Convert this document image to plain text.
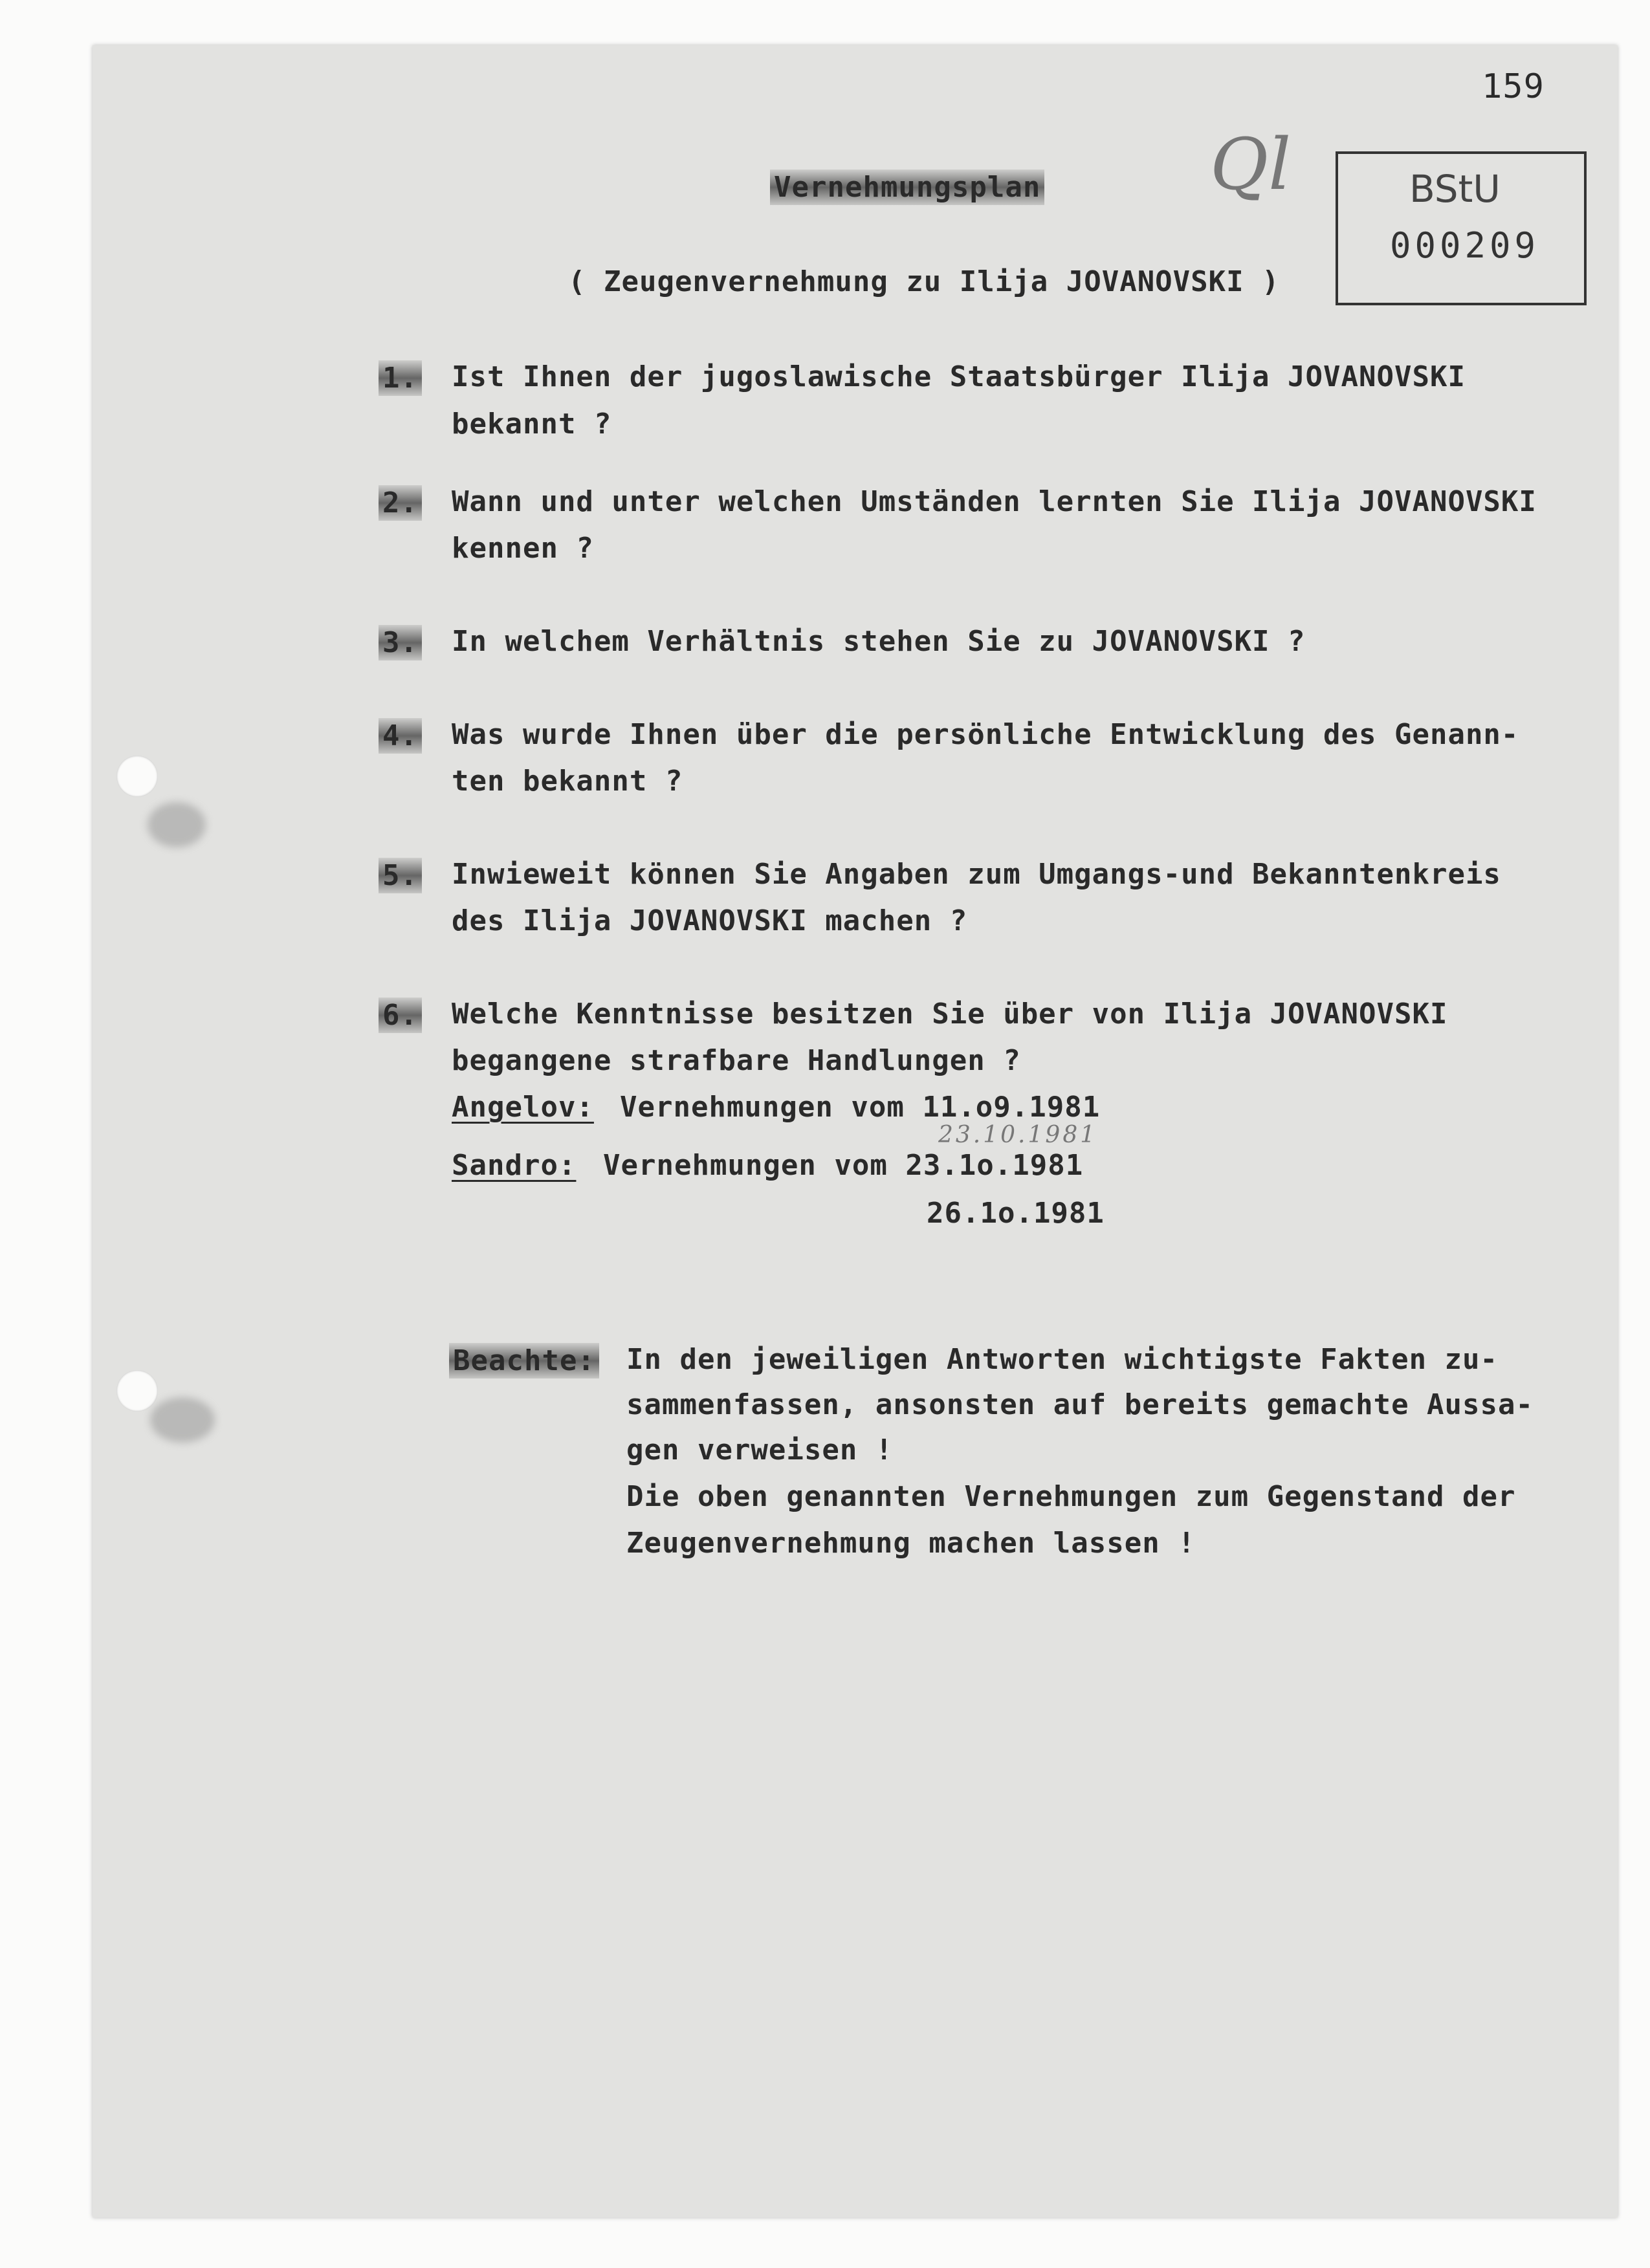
159
Ql	BStU
000209
Vernehmungsplan
( Zeugenvernehmung zu Ilija JOVANOVSKI )
1. Ist Ihnen der jugoslawische Staatsbürger Ilija JOVANOVSKI
bekannt ?
2. Wann und unter welchen Umständen lernten Sie Ilija JOVANOVSKI
kennen ?
3. In welchem Verhältnis stehen Sie zu JOVANOVSKI ?
4. Was wurde Ihnen über die persönliche Entwicklung des Genann-
ten bekannt ?
5. Inwieweit können Sie Angaben zum Umgangs-und Bekanntenkreis
des Ilija JOVANOVSKI machen ?
6. Welche Kenntnisse besitzen Sie über von Ilija JOVANOVSKI
begangene strafbare Handlungen ?
Angelov: Vernehmungen vom 11.o9.1981
23.10.1981
Sandro: Vernehmungen vom 23.1o.1981
26.1o.1981
Beachte: In den jeweiligen Antworten wichtigste Fakten zu-
sammenfassen, ansonsten auf bereits gemachte Aussa-
gen verweisen !
Die oben genannten Vernehmungen zum Gegenstand der
Zeugenvernehmung machen lassen !
